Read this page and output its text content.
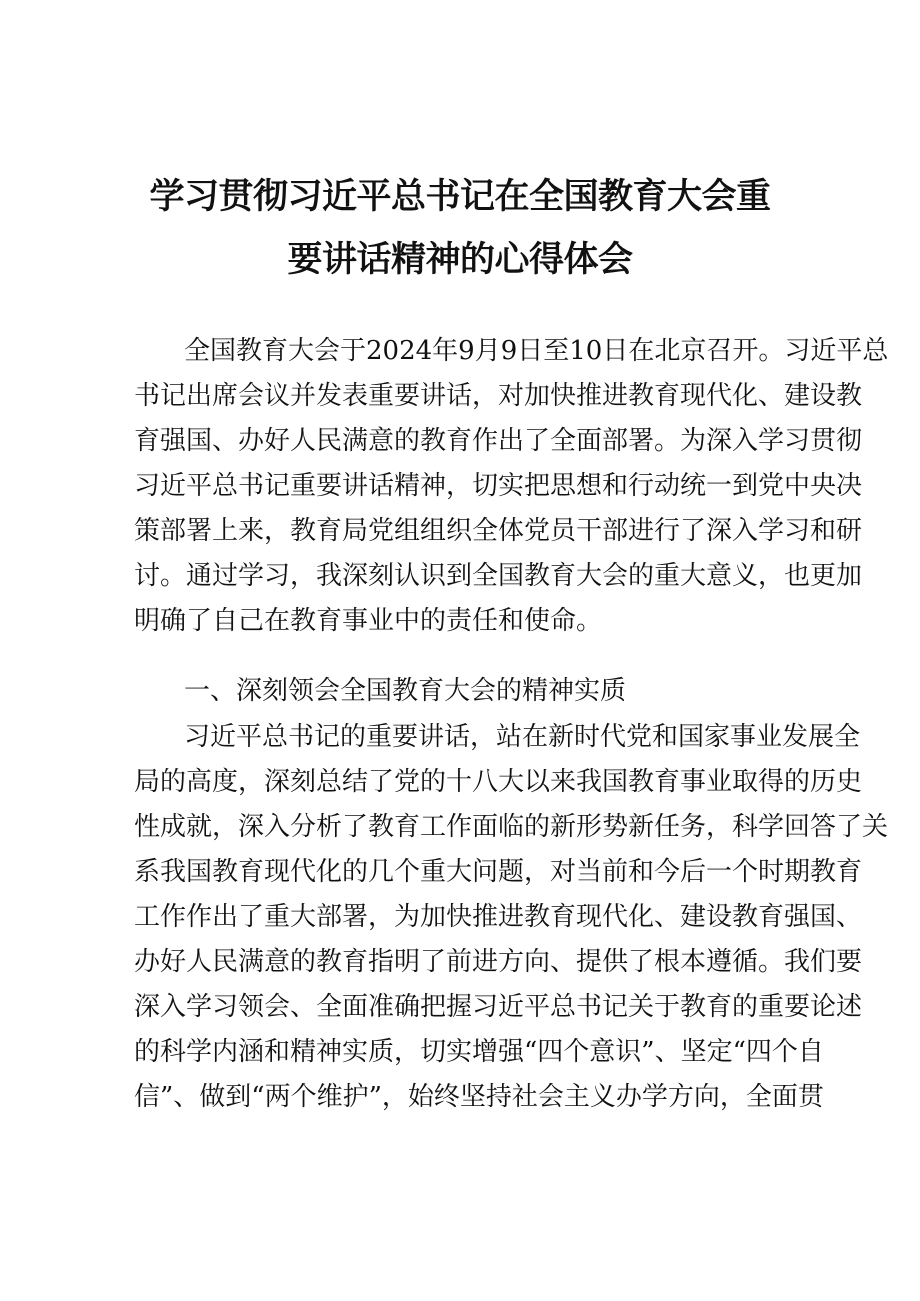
学习贯彻习近平总书记在全国教育大会重
要讲话精神的心得体会
全国教育大会于2024年9月9日至10日在北京召开。习近平总
书记出席会议并发表重要讲话，对加快推进教育现代化、建设教
育强国、办好人民满意的教育作出了全面部署。为深入学习贯彻
习近平总书记重要讲话精神，切实把思想和行动统一到党中央决
策部署上来，教育局党组组织全体党员干部进行了深入学习和研
讨。通过学习，我深刻认识到全国教育大会的重大意义，也更加
明确了自己在教育事业中的责任和使命。
一、深刻领会全国教育大会的精神实质
习近平总书记的重要讲话，站在新时代党和国家事业发展全
局的高度，深刻总结了党的十八大以来我国教育事业取得的历史
性成就，深入分析了教育工作面临的新形势新任务，科学回答了关
系我国教育现代化的几个重大问题，对当前和今后一个时期教育
工作作出了重大部署，为加快推进教育现代化、建设教育强国、
办好人民满意的教育指明了前进方向、提供了根本遵循。我们要
深入学习领会、全面准确把握习近平总书记关于教育的重要论述
的科学内涵和精神实质，切实增强“四个意识”、坚定“四个自
信”、做到“两个维护”，始终坚持社会主义办学方向，全面贯
